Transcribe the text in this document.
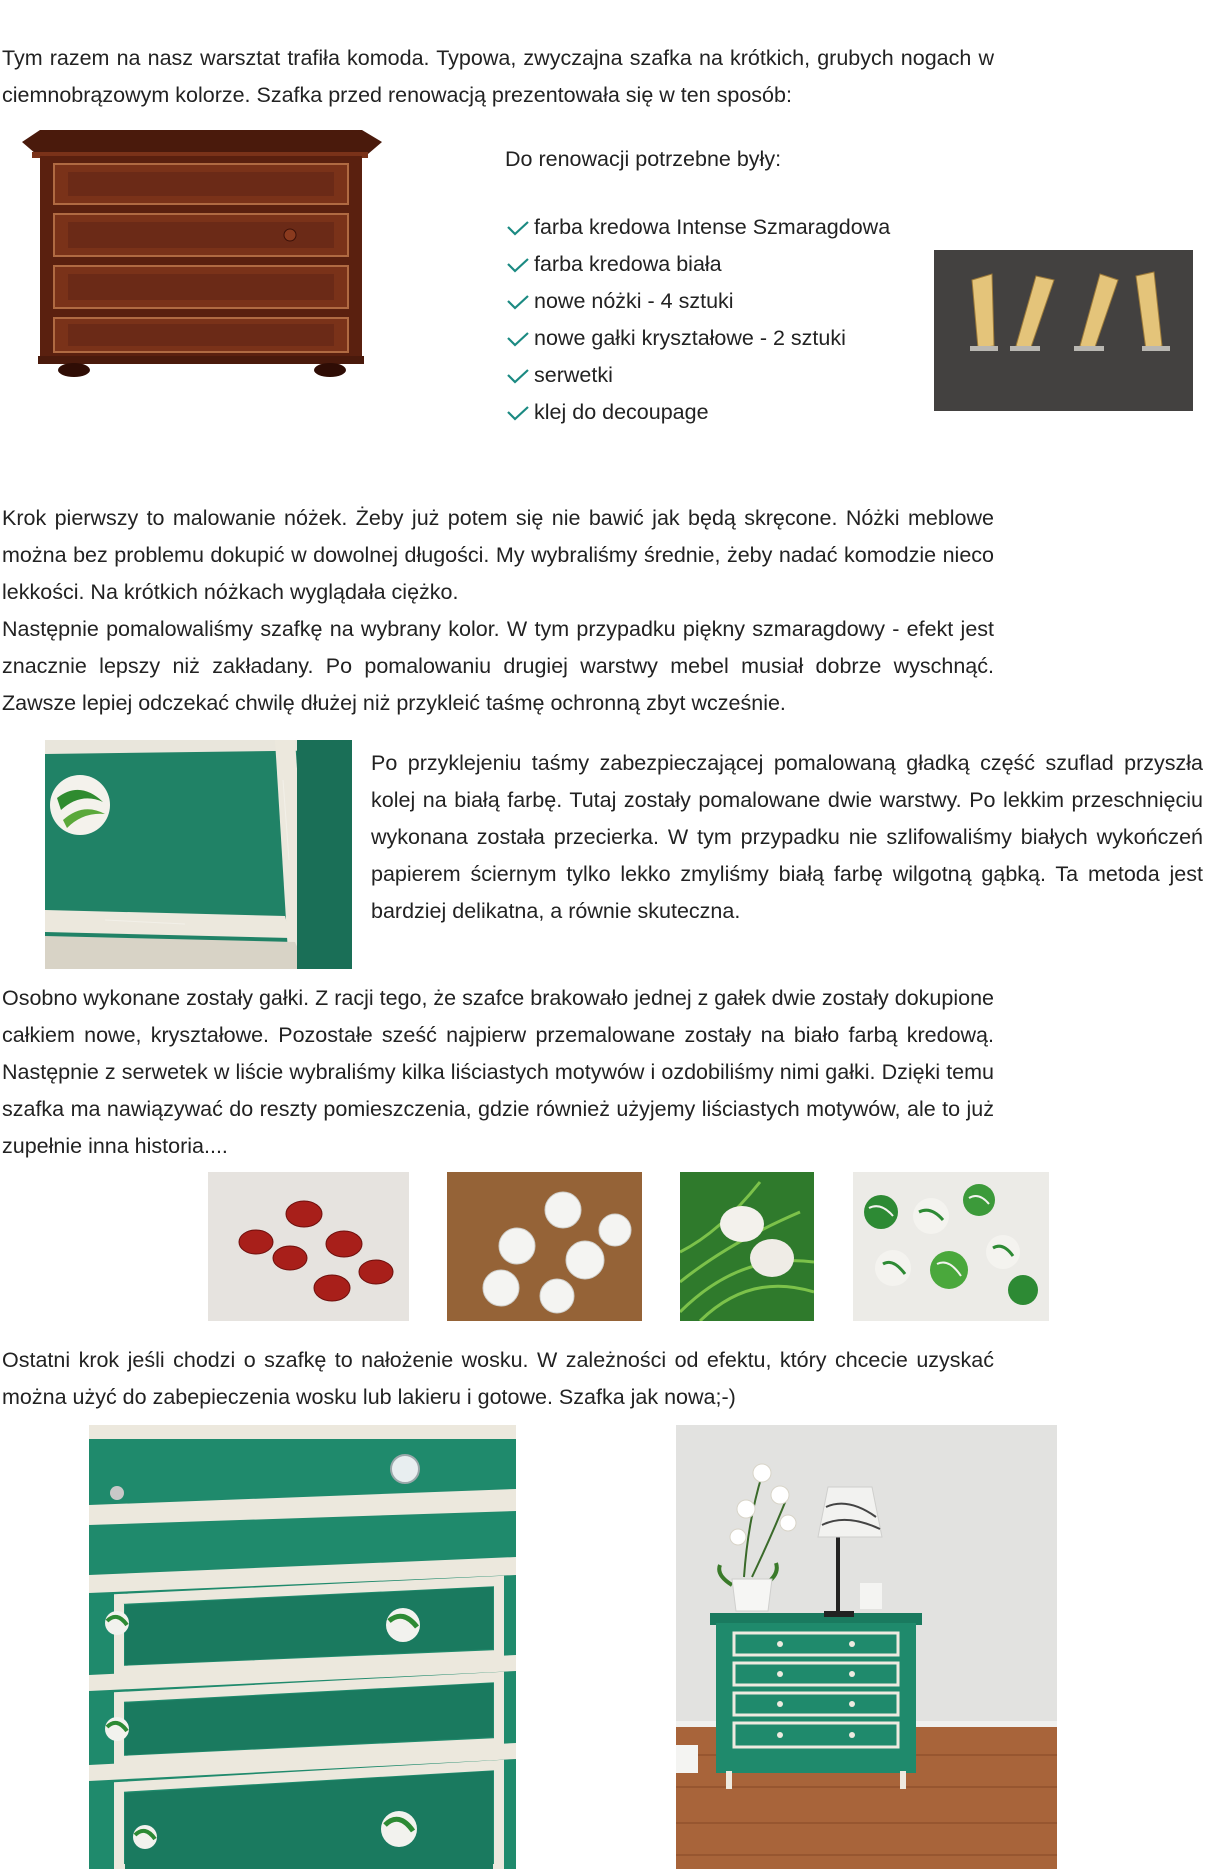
Tym razem na nasz warsztat trafiła komoda. Typowa, zwyczajna szafka na krótkich, grubych nogach w ciemnobrązowym kolorze. Szafka przed renowacją prezentowała się w ten sposób:

Do renowacji potrzebne były:

farba kredowa Intense Szmaragdowa
farba kredowa biała
nowe nóżki - 4 sztuki
nowe gałki kryształowe - 2 sztuki
serwetki
klej do decoupage

Krok pierwszy to malowanie nóżek. Żeby już potem się nie bawić jak będą skręcone. Nóżki meblowe można bez problemu dokupić w dowolnej długości. My wybraliśmy średnie, żeby nadać komodzie nieco lekkości. Na krótkich nóżkach wyglądała ciężko.

Następnie pomalowaliśmy szafkę na wybrany kolor. W tym przypadku piękny szmaragdowy - efekt jest znacznie lepszy niż zakładany. Po pomalowaniu drugiej warstwy mebel musiał dobrze wyschnąć. Zawsze lepiej odczekać chwilę dłużej niż przykleić taśmę ochronną zbyt wcześnie.

Po przyklejeniu taśmy zabezpieczającej pomalowaną gładką część szuflad przyszła kolej na białą farbę. Tutaj zostały pomalowane dwie warstwy. Po lekkim przeschnięciu wykonana została przecierka. W tym przypadku nie szlifowaliśmy białych wykończeń papierem ściernym tylko lekko zmyliśmy białą farbę wilgotną gąbką. Ta metoda jest bardziej delikatna, a równie skuteczna.

Osobno wykonane zostały gałki. Z racji tego, że szafce brakowało jednej z gałek dwie zostały dokupione całkiem nowe, kryształowe. Pozostałe sześć najpierw przemalowane zostały na biało farbą kredową. Następnie z serwetek w liście wybraliśmy kilka liściastych motywów i ozdobiliśmy nimi gałki. Dzięki temu szafka ma nawiązywać do reszty pomieszczenia, gdzie również użyjemy liściastych motywów, ale to już zupełnie inna historia....

Ostatni krok jeśli chodzi o szafkę to nałożenie wosku. W zależności od efektu, który chcecie uzyskać można użyć do zabepieczenia wosku lub lakieru i gotowe. Szafka jak nowa;-)
